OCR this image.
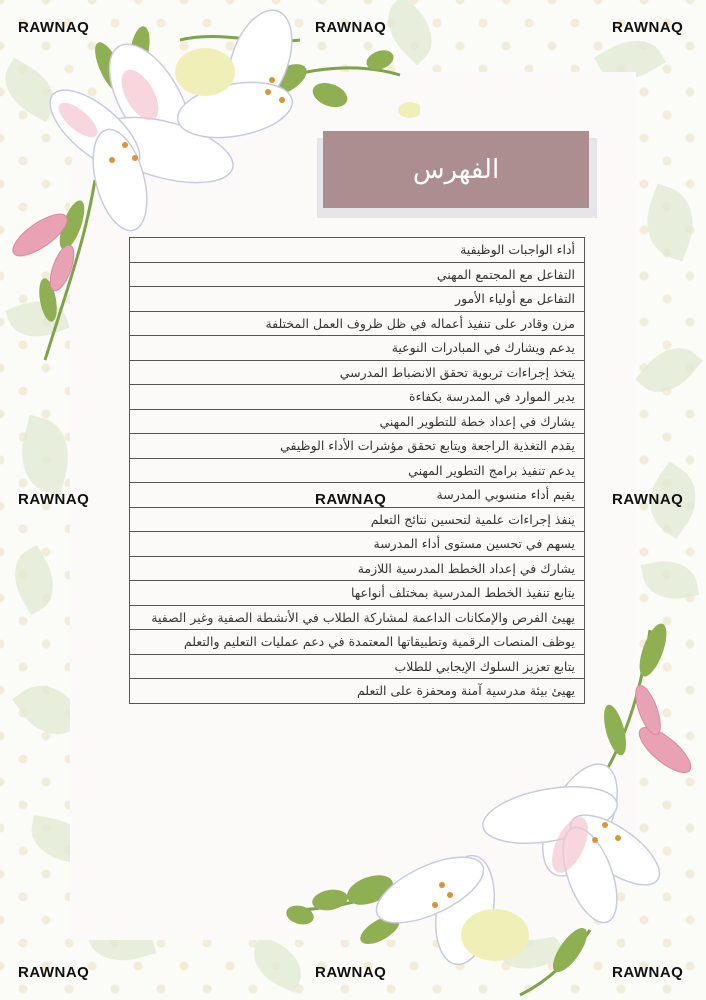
الفهرس
أداء الواجبات الوظيفية
التفاعل مع المجتمع المهني
التفاعل مع أولياء الأمور
مرن وقادر على تنفيذ أعماله في ظل ظروف العمل المختلفة
يدعم ويشارك في المبادرات النوعية
يتخذ إجراءات تربوية تحقق الانضباط المدرسي
يدير الموارد في المدرسة بكفاءة
يشارك في إعداد خطة للتطوير المهني
يقدم التغذية الراجعة ويتابع تحقق مؤشرات الأداء الوظيفي
يدعم تنفيذ برامج التطوير المهني
يقيم أداء منسوبي المدرسة
ينفذ إجراءات علمية لتحسين نتائج التعلم
يسهم في تحسين مستوى أداء المدرسة
يشارك في إعداد الخطط المدرسية اللازمة
يتابع تنفيذ الخطط المدرسية بمختلف أنواعها
يهيئ الفرص والإمكانات الداعمة لمشاركة الطلاب في الأنشطة الصفية وغير الصفية
يوظف المنصات الرقمية وتطبيقاتها المعتمدة في دعم عمليات التعليم والتعلم
يتابع تعزيز السلوك الإيجابي للطلاب
يهيئ بيئة مدرسية آمنة ومحفزة على التعلم
RAWNAQ	RAWNAQ	RAWNAQ
RAWNAQ	RAWNAQ	RAWNAQ
RAWNAQ	RAWNAQ	RAWNAQ
